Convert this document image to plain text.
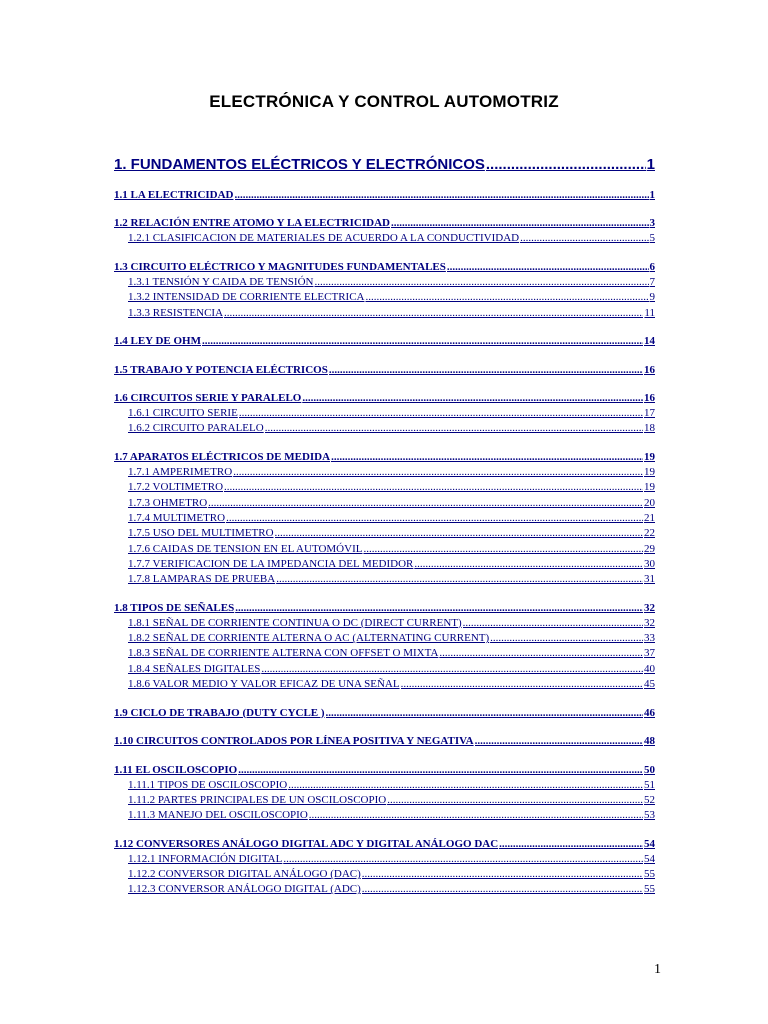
ELECTRÓNICA Y CONTROL AUTOMOTRIZ
1. FUNDAMENTOS ELÉCTRICOS Y ELECTRÓNICOS .....	1
1.1 LA ELECTRICIDAD .....	1
1.2 RELACIÓN ENTRE ATOMO Y LA ELECTRICIDAD .....	3
1.2.1 CLASIFICACION DE MATERIALES DE ACUERDO A LA CONDUCTIVIDAD .....	5
1.3 CIRCUITO ELÉCTRICO Y MAGNITUDES FUNDAMENTALES .....	6
1.3.1 TENSIÓN Y CAIDA DE TENSIÓN .....	7
1.3.2 INTENSIDAD DE CORRIENTE ELECTRICA .....	9
1.3.3 RESISTENCIA .....	11
1.4 LEY DE OHM .....	14
1.5 TRABAJO Y POTENCIA ELÉCTRICOS .....	16
1.6 CIRCUITOS SERIE Y PARALELO .....	16
1.6.1 CIRCUITO SERIE .....	17
1.6.2 CIRCUITO PARALELO .....	18
1.7 APARATOS ELÉCTRICOS DE MEDIDA .....	19
1.7.1 AMPERIMETRO .....	19
1.7.2 VOLTIMETRO .....	19
1.7.3 OHMETRO .....	20
1.7.4 MULTIMETRO .....	21
1.7.5 USO DEL MULTIMETRO .....	22
1.7.6 CAIDAS DE TENSION EN EL AUTOMÓVIL .....	29
1.7.7 VERIFICACION DE LA IMPEDANCIA DEL MEDIDOR .....	30
1.7.8 LAMPARAS DE PRUEBA .....	31
1.8 TIPOS DE SEÑALES .....	32
1.8.1 SEÑAL DE CORRIENTE CONTINUA O DC (DIRECT CURRENT) .....	32
1.8.2 SEÑAL DE CORRIENTE ALTERNA O AC (ALTERNATING CURRENT) .....	33
1.8.3 SEÑAL DE CORRIENTE ALTERNA CON OFFSET O MIXTA .....	37
1.8.4 SEÑALES DIGITALES .....	40
1.8.6 VALOR MEDIO Y VALOR EFICAZ DE UNA SEÑAL .....	45
1.9 CICLO DE TRABAJO (DUTY CYCLE ) .....	46
1.10 CIRCUITOS CONTROLADOS POR LÍNEA POSITIVA Y NEGATIVA .....	48
1.11 EL OSCILOSCOPIO .....	50
1.11.1 TIPOS DE OSCILOSCOPIO .....	51
1.11.2 PARTES PRINCIPALES DE UN OSCILOSCOPIO .....	52
1.11.3 MANEJO DEL OSCILOSCOPIO .....	53
1.12 CONVERSORES ANÁLOGO DIGITAL ADC Y DIGITAL ANÁLOGO DAC .....	54
1.12.1 INFORMACIÓN DIGITAL .....	54
1.12.2 CONVERSOR DIGITAL ANÁLOGO (DAC) .....	55
1.12.3 CONVERSOR ANÁLOGO DIGITAL (ADC) .....	55
1
